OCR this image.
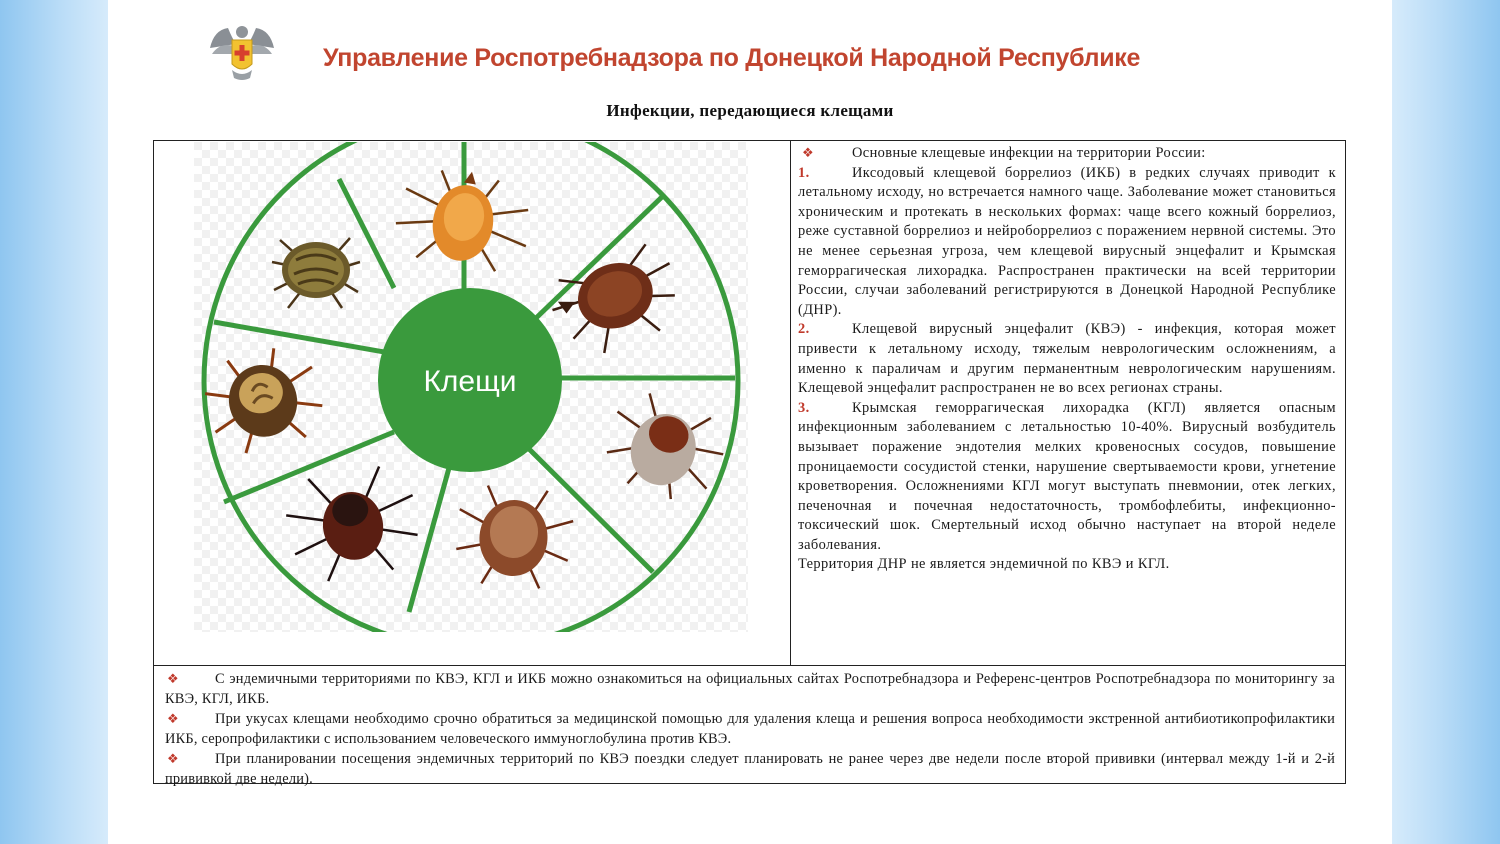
Управление Роспотребнадзора по Донецкой Народной Республике
Инфекции, передающиеся клещами
Клещи

❖	Основные клещевые инфекции на территории России:

1.	Иксодовый клещевой боррелиоз (ИКБ) в редких случаях приводит к летальному исходу, но встречается намного чаще. Заболевание может становиться хроническим и протекать в нескольких формах: чаще всего кожный боррелиоз, реже суставной боррелиоз и нейроборрелиоз с поражением нервной системы. Это не менее серьезная угроза, чем клещевой вирусный энцефалит и Крымская геморрагическая лихорадка. Распространен практически на всей территории России, случаи заболеваний регистрируются в Донецкой Народной Республике (ДНР).

2.	Клещевой вирусный энцефалит (КВЭ) - инфекция, которая может привести к летальному исходу, тяжелым неврологическим осложнениям, а именно к параличам и другим перманентным неврологическим нарушениям. Клещевой энцефалит распространен не во всех регионах страны.

3.	Крымская геморрагическая лихорадка (КГЛ) является опасным инфекционным заболеванием с летальностью 10-40%. Вирусный возбудитель вызывает поражение эндотелия мелких кровеносных сосудов, повышение проницаемости сосудистой стенки, нарушение свертываемости крови, угнетение кроветворения. Осложнениями КГЛ могут выступать пневмонии, отек легких, печеночная и почечная недостаточность, тромбофлебиты, инфекционно-токсический шок. Смертельный исход обычно наступает на второй неделе заболевания.

Территория ДНР не является эндемичной по КВЭ и КГЛ.

❖	С эндемичными территориями по КВЭ, КГЛ и ИКБ можно ознакомиться на официальных сайтах Роспотребнадзора и Референс-центров Роспотребнадзора по мониторингу за КВЭ, КГЛ, ИКБ.

❖	При укусах клещами необходимо срочно обратиться за медицинской помощью для удаления клеща и решения вопроса необходимости экстренной антибиотикопрофилактики ИКБ, серопрофилактики с использованием человеческого иммуноглобулина против КВЭ.

❖	При планировании посещения эндемичных территорий по КВЭ поездки следует планировать не ранее через две недели после второй прививки (интервал между 1-й и 2-й прививкой две недели).
